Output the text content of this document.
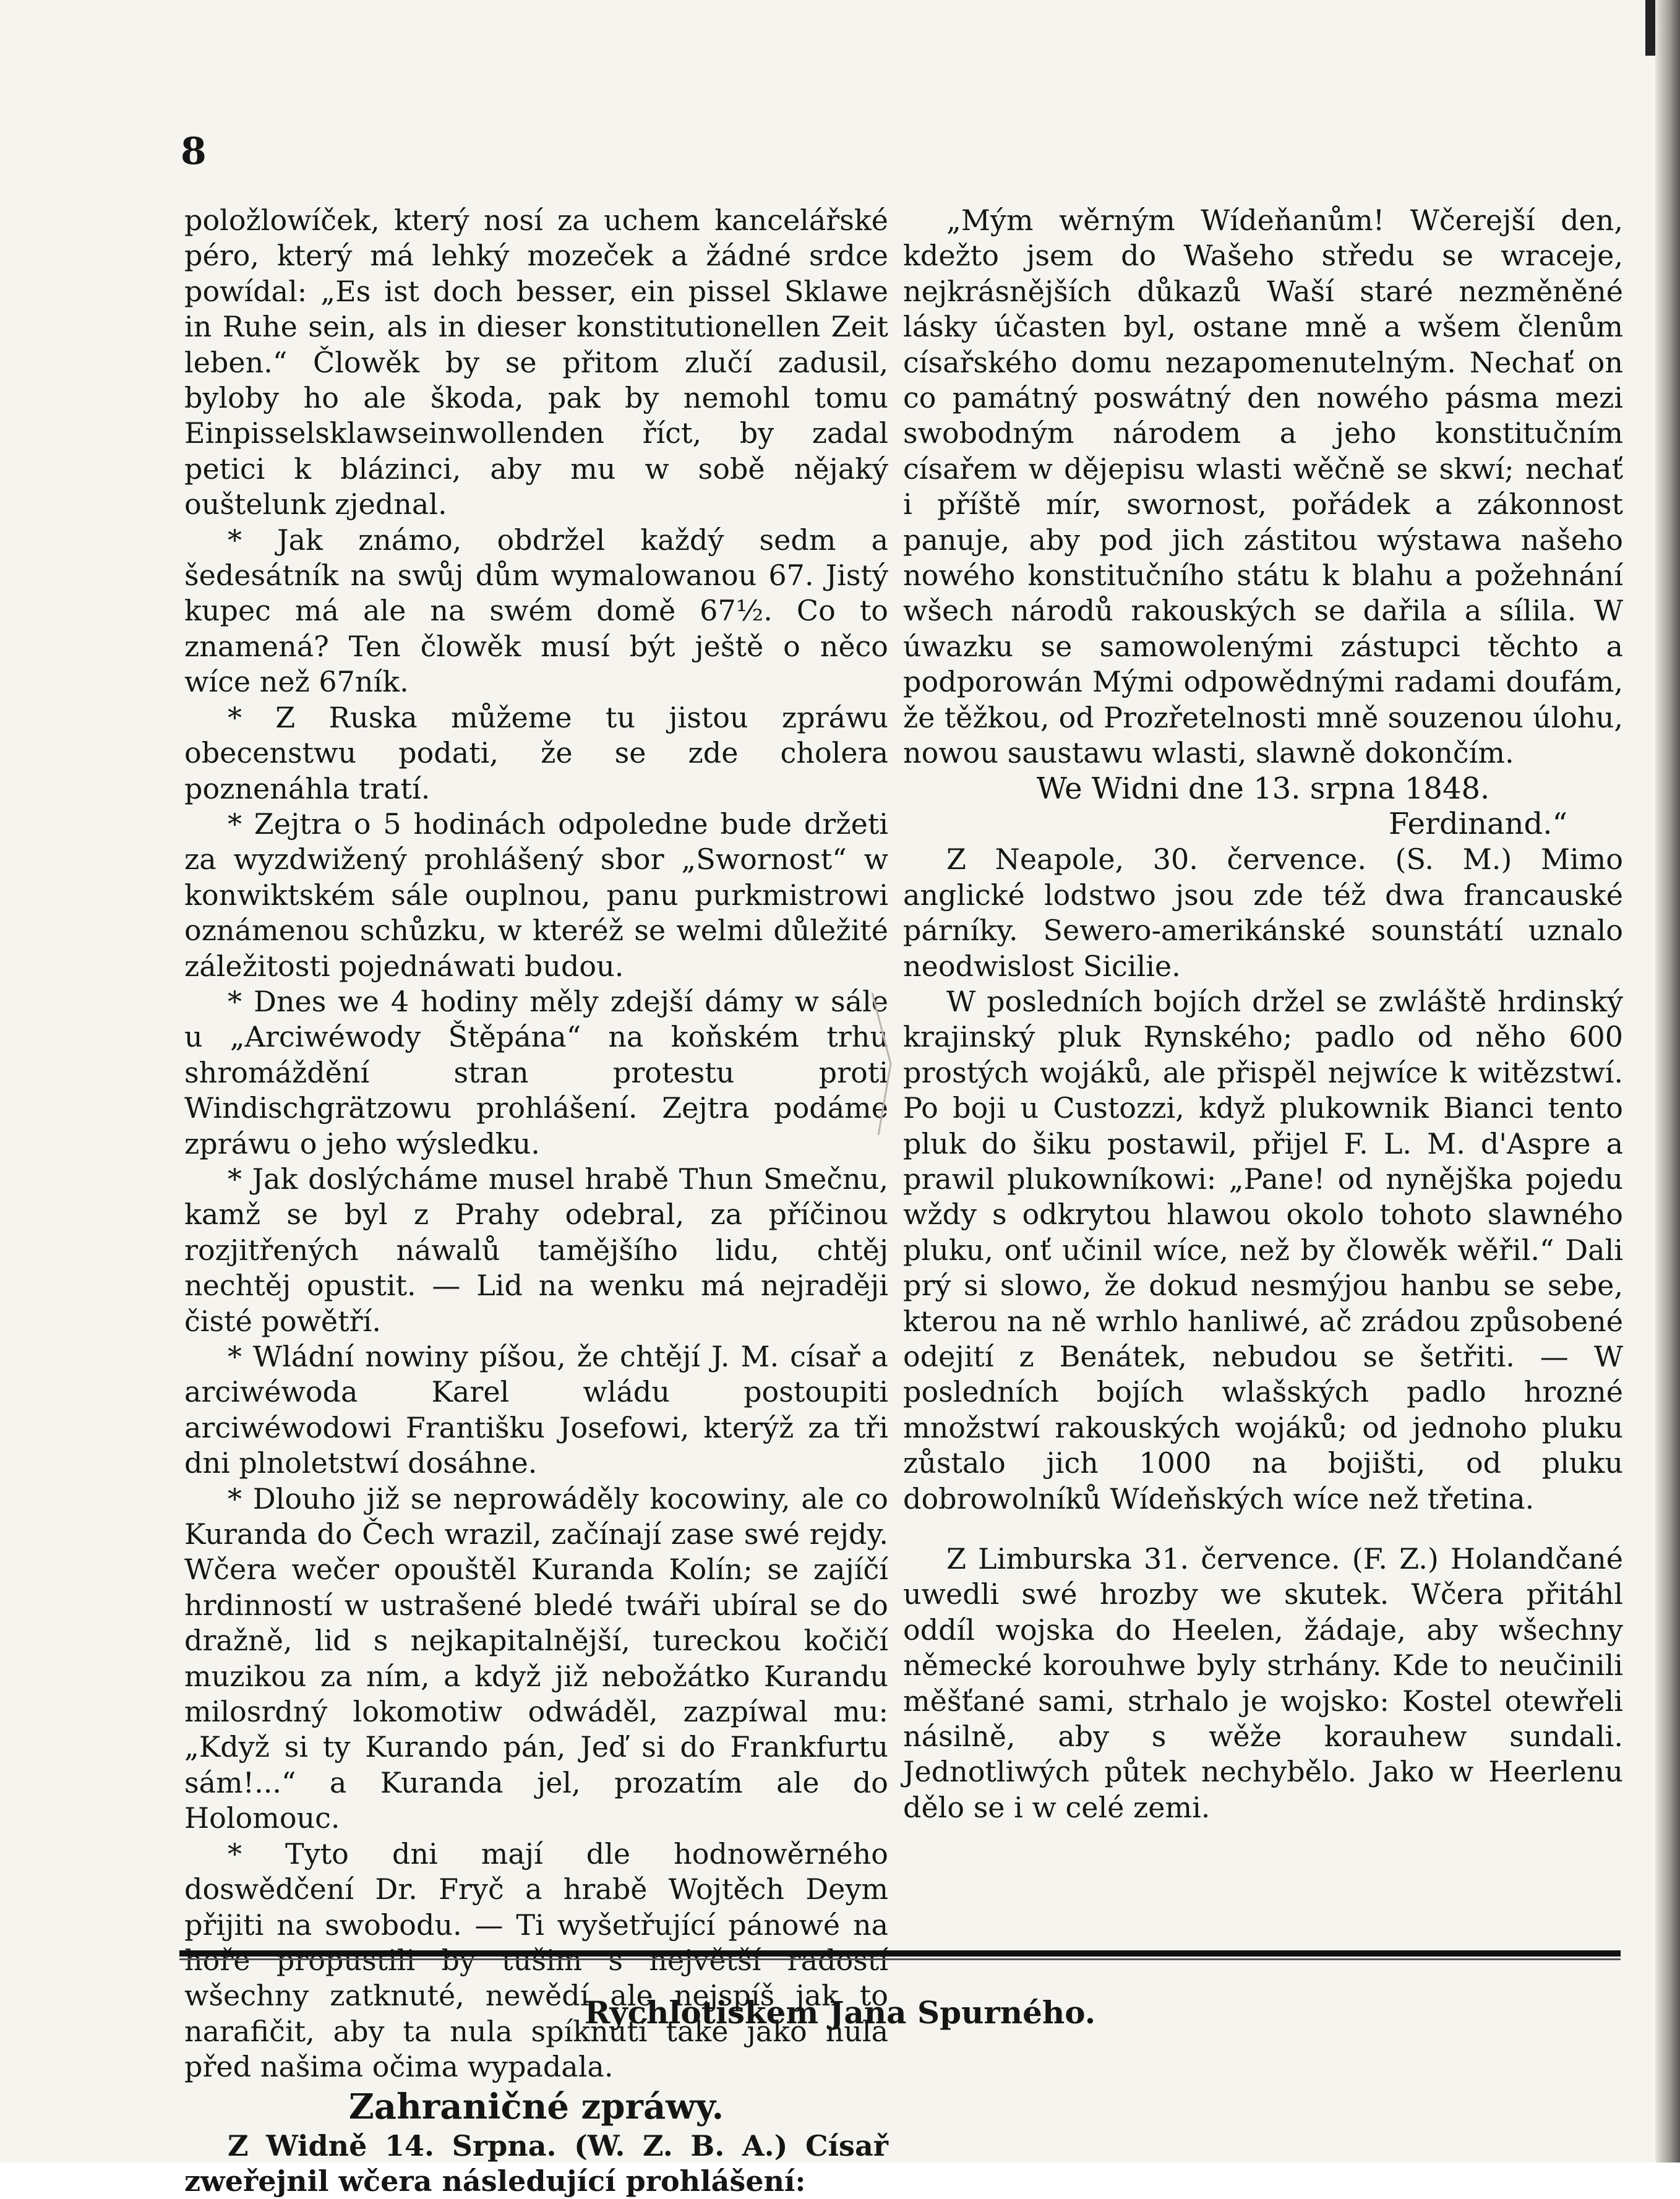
8

položlowíček, který nosí za uchem kancelářské péro, který má lehký mozeček a žádné srdce powídal: „Es ist doch besser, ein pissel Sklawe in Ruhe sein, als in dieser konstitutionellen Zeit leben.“ Člowěk by se přitom zlučí zadusil, byloby ho ale škoda, pak by nemohl tomu Einpisselsklawseinwollenden říct, by zadal petici k blázinci, aby mu w sobě nějaký ouštelunk zjednal.

* Jak známo, obdržel každý sedm a šedesátník na swůj dům wymalowanou 67. Jistý kupec má ale na swém domě 67½. Co to znamená? Ten člowěk musí být ještě o něco wíce než 67ník.

* Z Ruska můžeme tu jistou zpráwu obecenstwu podati, že se zde cholera poznenáhla tratí.

* Zejtra o 5 hodinách odpoledne bude držeti za wyzdwižený prohlášený sbor „Swornost“ w konwiktském sále ouplnou, panu purkmistrowi oznámenou schůzku, w kteréž se welmi důležité záležitosti pojednáwati budou.

* Dnes we 4 hodiny měly zdejší dámy w sále u „Arciwéwody Štěpána“ na koňském trhu shromáždění stran protestu proti Windischgrätzowu prohlášení. Zejtra podáme zpráwu o jeho wýsledku.

* Jak doslýcháme musel hrabě Thun Smečnu, kamž se byl z Prahy odebral, za příčinou rozjitřených náwalů tamějšího lidu, chtěj nechtěj opustit. — Lid na wenku má nejraději čisté powětří.

* Wládní nowiny píšou, že chtějí J. M. císař a arciwéwoda Karel wládu postoupiti arciwéwodowi Františku Josefowi, kterýž za tři dni plnoletstwí dosáhne.

* Dlouho již se neprowáděly kocowiny, ale co Kuranda do Čech wrazil, začínají zase swé rejdy. Wčera wečer opouštěl Kuranda Kolín; se zajíčí hrdinností w ustrašené bledé twáři ubíral se do dražně, lid s nejkapitalnější, tureckou kočičí muzikou za ním, a když již nebožátko Kurandu milosrdný lokomotiw odwáděl, zazpíwal mu: „Když si ty Kurando pán, Jeď si do Frankfurtu sám!...“ a Kuranda jel, prozatím ale do Holomouc.

* Tyto dni mají dle hodnowěrného doswědčení Dr. Fryč a hrabě Wojtěch Deym přijiti na swobodu. — Ti wyšetřující pánowé na wšechny zatknuté, newědí ale nejspíš jak to narafičit, aby ta nula spíknutí také jako nula před našima očima wypadala.

Zahraničné zpráwy.

Z Widně 14. Srpna. (W. Z. B. A.) Císař zweřejnil wčera následující prohlášení:

„Mým wěrným Wídeňanům! Wčerejší den, kdežto jsem do Wašeho středu se wraceje, nejkrásnějších důkazů Waší staré nezměněné lásky účasten byl, ostane mně a wšem členům císařského domu nezapomenutelným. Nechať on co památný poswátný den nowého pásma mezi swobodným národem a jeho konstitučním císařem w dějepisu wlasti wěčně se skwí; nechať i příště mír, swornost, pořádek a zákonnost panuje, aby pod jich zástitou wýstawa našeho nowého konstitučního státu k blahu a požehnání wšech národů rakouských se dařila a sílila. W úwazku se samowolenými zástupci těchto a podporowán Mými odpowědnými radami doufám, že těžkou, od Prozřetelnosti mně souzenou úlohu, nowou saustawu wlasti, slawně dokončím.

We Widni dne 13. srpna 1848.

Ferdinand.“

Z Neapole, 30. července. (S. M.) Mimo anglické lodstwo jsou zde též dwa francauské párníky. Sewero-amerikánské sounstátí uznalo neodwislost Sicilie.

W posledních bojích držel se zwláště hrdinský krajinský pluk Rynského; padlo od něho 600 prostých wojáků, ale přispěl nejwíce k witězstwí. Po boji u Custozzi, když plukownik Bianci tento pluk do šiku postawil, přijel F. L. M. d'Aspre a prawil plukowníkowi: „Pane! od nynějška pojedu wždy s odkrytou hlawou okolo tohoto slawného pluku, onť učinil wíce, než by člowěk wěřil.“ Dali prý si slowo, že dokud nesmýjou hanbu se sebe, kterou na ně wrhlo hanliwé, ač zrádou způsobené odejití z Benátek, nebudou se šetřiti. — W posledních bojích wlašských padlo hrozné množstwí rakouských wojáků; od jednoho pluku zůstalo jich 1000 na bojišti, od pluku dobrowolníků Wídeňských wíce než třetina.

Z Limburska 31. července. (F. Z.) Holandčané uwedli swé hrozby we skutek. Wčera přitáhl oddíl wojska do Heelen, žádaje, aby wšechny německé korouhwe byly strhány. Kde to neučinili měšťané sami, strhalo je wojsko: Kostel otewřeli násilně, aby s wěže korauhew sundali. Jednotliwých půtek nechybělo. Jako w Heerlenu dělo se i w celé zemi.

Rychlotiskem Jana Spurného.
